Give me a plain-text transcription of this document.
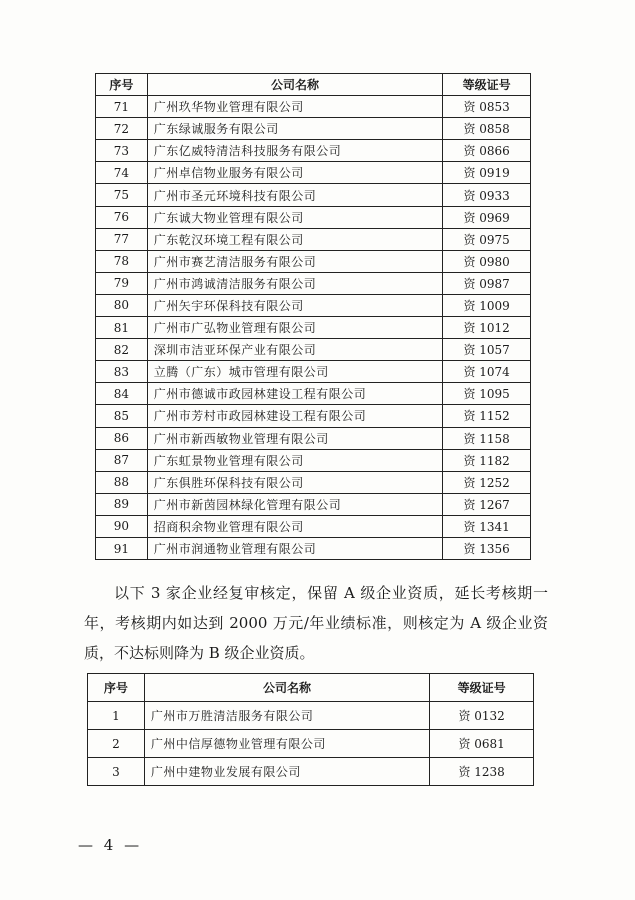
序号	公司名称	等级证号
71	广州玖华物业管理有限公司	资 0853
72	广东绿诚服务有限公司	资 0858
73	广东亿威特清洁科技服务有限公司	资 0866
74	广州卓信物业服务有限公司	资 0919
75	广州市圣元环境科技有限公司	资 0933
76	广东诚大物业管理有限公司	资 0969
77	广东乾汉环境工程有限公司	资 0975
78	广州市赛艺清洁服务有限公司	资 0980
79	广州市鸿诚清洁服务有限公司	资 0987
80	广州矢宇环保科技有限公司	资 1009
81	广州市广弘物业管理有限公司	资 1012
82	深圳市洁亚环保产业有限公司	资 1057
83	立腾（广东）城市管理有限公司	资 1074
84	广州市德诚市政园林建设工程有限公司	资 1095
85	广州市芳村市政园林建设工程有限公司	资 1152
86	广州市新西敏物业管理有限公司	资 1158
87	广东虹景物业管理有限公司	资 1182
88	广东俱胜环保科技有限公司	资 1252
89	广州市新茵园林绿化管理有限公司	资 1267
90	招商积余物业管理有限公司	资 1341
91	广州市润通物业管理有限公司	资 1356
以下 3 家企业经复审核定，保留 A 级企业资质，延长考核期一年，考核期内如达到 2000 万元/年业绩标准，则核定为 A 级企业资质，不达标则降为 B 级企业资质。
序号	公司名称	等级证号
1	广州市万胜清洁服务有限公司	资 0132
2	广州中信厚德物业管理有限公司	资 0681
3	广州中建物业发展有限公司	资 1238
— 4 —
